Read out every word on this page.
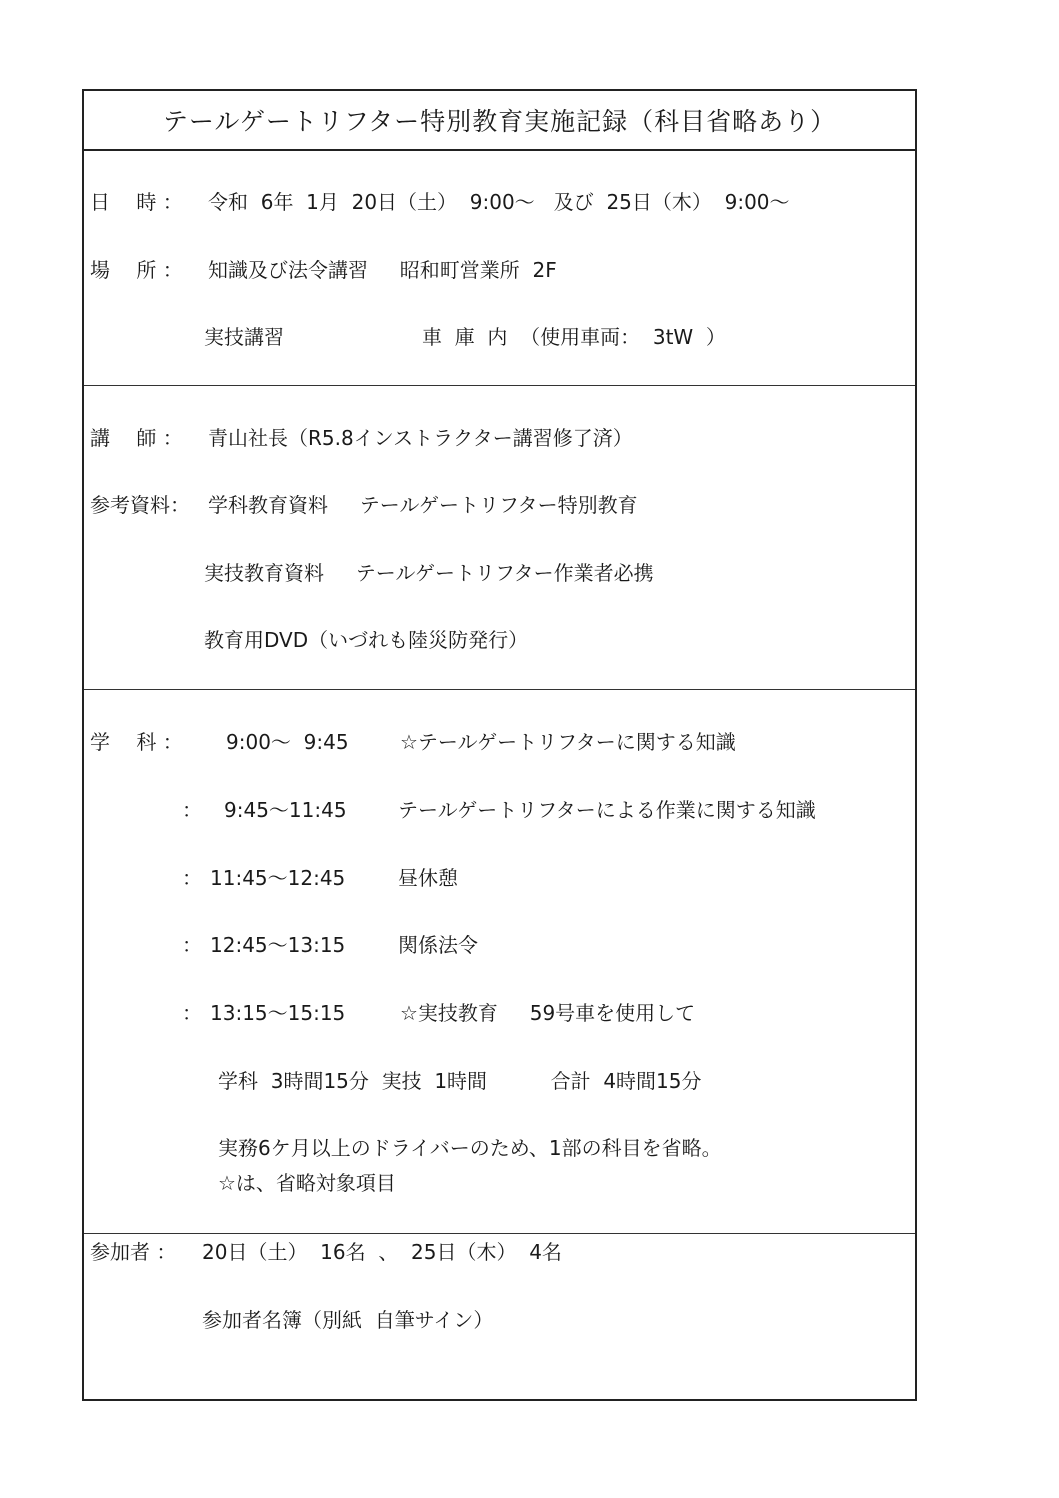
テールゲートリフター特別教育実施記録（科目省略あり）
日　 時 ： 令和  6年  1月  20日（土）  9:00～   及び  25日（木）  9:00～
場　 所 ： 知識及び法令講習     昭和町営業所  2F
実技講習	車  庫  内  （使用車両：  3tW  ）
講　 師 ： 青山社長（R5.8インストラクター講習修了済）
参考資料： 学科教育資料     テールゲートリフター特別教育
実技教育資料     テールゲートリフター作業者必携
教育用DVD（いづれも陸災防発行）
学　 科 ： 9:00～  9:45	☆テールゲートリフターに関する知識
： 9:45～11:45	テールゲートリフターによる作業に関する知識
： 11:45～12:45	昼休憩
： 12:45～13:15	関係法令
： 13:15～15:15	☆実技教育     59号車を使用して
学科  3時間15分  実技  1時間          合計  4時間15分
実務6ケ月以上のドライバーのため、1部の科目を省略。
☆は、省略対象項目
参加者 ： 20日（土）  16名  、  25日（木）  4名
参加者名簿（別紙  自筆サイン）
